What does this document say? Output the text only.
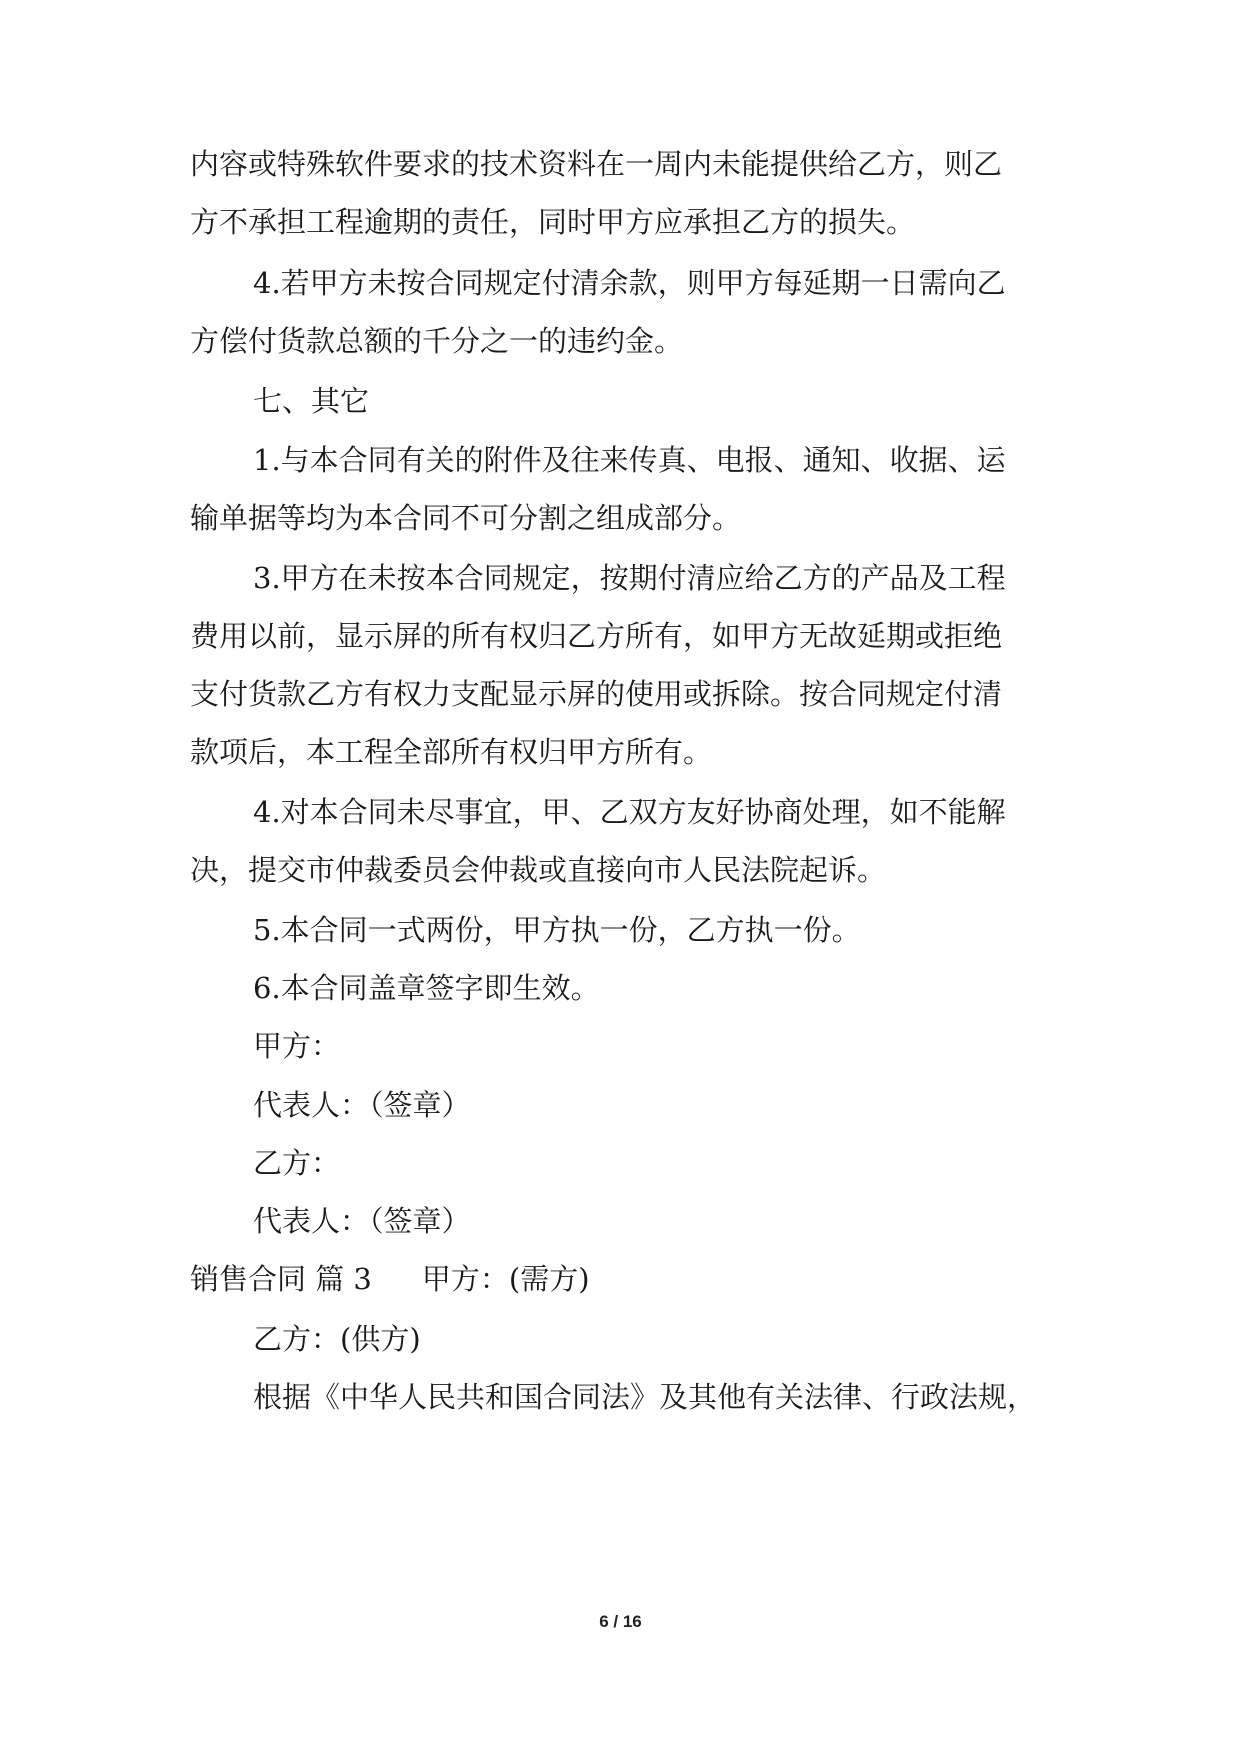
内容或特殊软件要求的技术资料在一周内未能提供给乙方，则乙
方不承担工程逾期的责任，同时甲方应承担乙方的损失。
4.若甲方未按合同规定付清余款，则甲方每延期一日需向乙
方偿付货款总额的千分之一的违约金。
七、其它
1.与本合同有关的附件及往来传真、电报、通知、收据、运
输单据等均为本合同不可分割之组成部分。
3.甲方在未按本合同规定，按期付清应给乙方的产品及工程
费用以前，显示屏的所有权归乙方所有，如甲方无故延期或拒绝
支付货款乙方有权力支配显示屏的使用或拆除。按合同规定付清
款项后，本工程全部所有权归甲方所有。
4.对本合同未尽事宜，甲、乙双方友好协商处理，如不能解
决，提交市仲裁委员会仲裁或直接向市人民法院起诉。
5.本合同一式两份，甲方执一份，乙方执一份。
6.本合同盖章签字即生效。
甲方：
代表人：（签章）
乙方：
代表人：（签章）
销售合同 篇 3 甲方：(需方)
乙方：(供方)
根据《中华人民共和国合同法》及其他有关法律、行政法规，
6 / 16
